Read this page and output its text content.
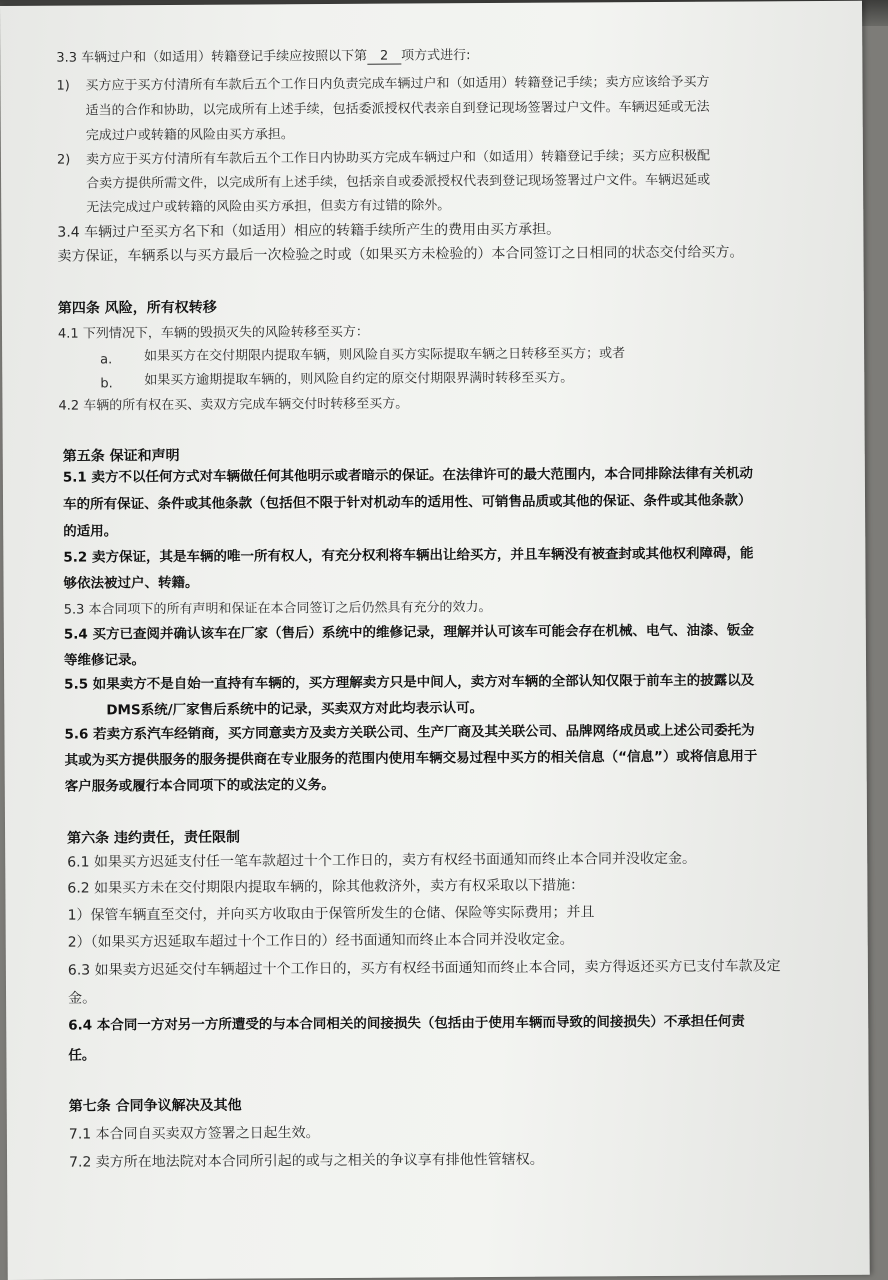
3.3 车辆过户和（如适用）转籍登记手续应按照以下第 2 项方式进行:
1) 买方应于买方付清所有车款后五个工作日内负责完成车辆过户和（如适用）转籍登记手续；卖方应该给予买方
适当的合作和协助，以完成所有上述手续，包括委派授权代表亲自到登记现场签署过户文件。车辆迟延或无法
完成过户或转籍的风险由买方承担。
2) 卖方应于买方付清所有车款后五个工作日内协助买方完成车辆过户和（如适用）转籍登记手续；买方应积极配
合卖方提供所需文件，以完成所有上述手续，包括亲自或委派授权代表到登记现场签署过户文件。车辆迟延或
无法完成过户或转籍的风险由买方承担，但卖方有过错的除外。
3.4 车辆过户至买方名下和（如适用）相应的转籍手续所产生的费用由买方承担。
卖方保证，车辆系以与买方最后一次检验之时或（如果买方未检验的）本合同签订之日相同的状态交付给买方。
第四条 风险，所有权转移
4.1 下列情况下，车辆的毁损灭失的风险转移至买方：
a. 如果买方在交付期限内提取车辆，则风险自买方实际提取车辆之日转移至买方；或者
b. 如果买方逾期提取车辆的，则风险自约定的原交付期限界满时转移至买方。
4.2 车辆的所有权在买、卖双方完成车辆交付时转移至买方。
第五条 保证和声明
5.1 卖方不以任何方式对车辆做任何其他明示或者暗示的保证。在法律许可的最大范围内，本合同排除法律有关机动
车的所有保证、条件或其他条款（包括但不限于针对机动车的适用性、可销售品质或其他的保证、条件或其他条款）
的适用。
5.2 卖方保证，其是车辆的唯一所有权人，有充分权利将车辆出让给买方，并且车辆没有被查封或其他权利障碍，能
够依法被过户、转籍。
5.3 本合同项下的所有声明和保证在本合同签订之后仍然具有充分的效力。
5.4 买方已查阅并确认该车在厂家（售后）系统中的维修记录，理解并认可该车可能会存在机械、电气、油漆、钣金
等维修记录。
5.5 如果卖方不是自始一直持有车辆的，买方理解卖方只是中间人，卖方对车辆的全部认知仅限于前车主的披露以及
DMS系统/厂家售后系统中的记录，买卖双方对此均表示认可。
5.6 若卖方系汽车经销商，买方同意卖方及卖方关联公司、生产厂商及其关联公司、品牌网络成员或上述公司委托为
其或为买方提供服务的服务提供商在专业服务的范围内使用车辆交易过程中买方的相关信息（“信息”）或将信息用于
客户服务或履行本合同项下的或法定的义务。
第六条 违约责任，责任限制
6.1 如果买方迟延支付任一笔车款超过十个工作日的，卖方有权经书面通知而终止本合同并没收定金。
6.2 如果买方未在交付期限内提取车辆的，除其他救济外，卖方有权采取以下措施：
1）保管车辆直至交付，并向买方收取由于保管所发生的仓储、保险等实际费用；并且
2）（如果买方迟延取车超过十个工作日的）经书面通知而终止本合同并没收定金。
6.3 如果卖方迟延交付车辆超过十个工作日的，买方有权经书面通知而终止本合同，卖方得返还买方已支付车款及定
金。
6.4 本合同一方对另一方所遭受的与本合同相关的间接损失（包括由于使用车辆而导致的间接损失）不承担任何责
任。
第七条 合同争议解决及其他
7.1 本合同自买卖双方签署之日起生效。
7.2 卖方所在地法院对本合同所引起的或与之相关的争议享有排他性管辖权。
